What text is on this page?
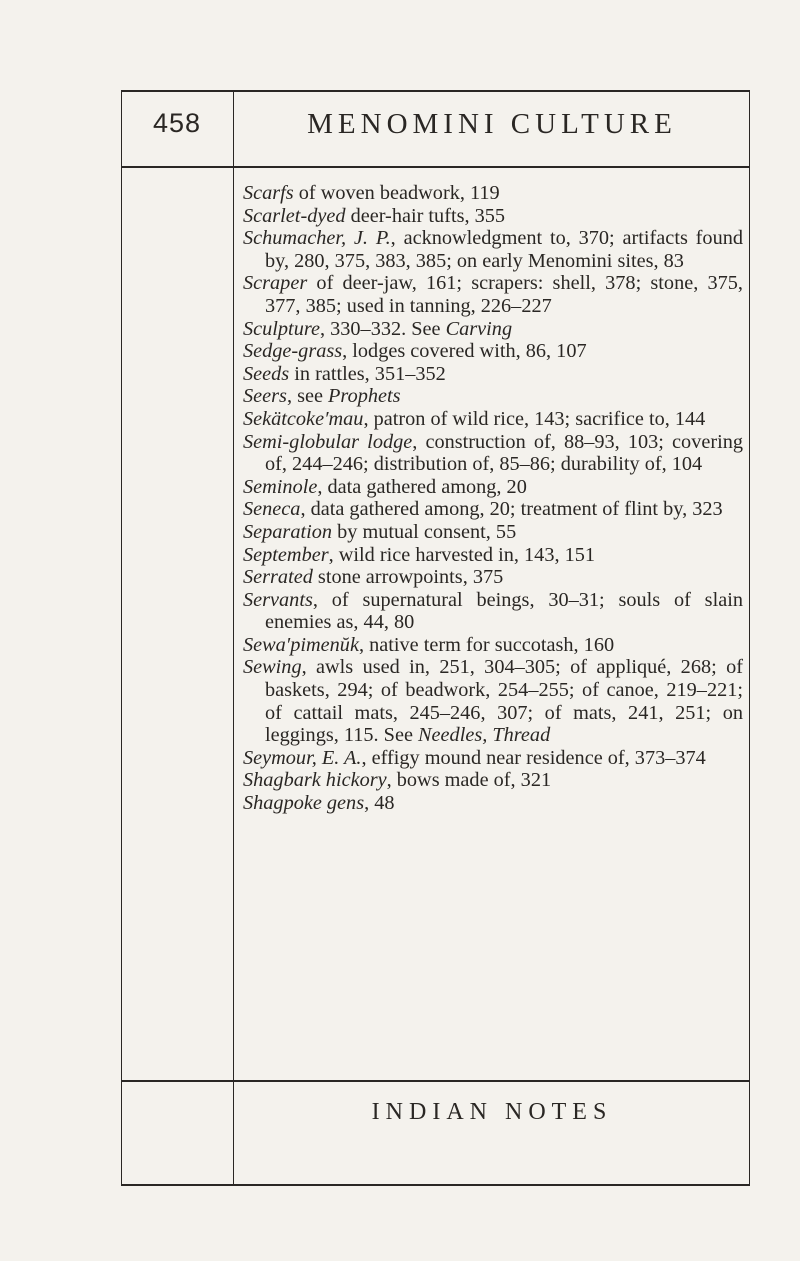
458	MENOMINI CULTURE

Scarfs of woven beadwork, 119

Scarlet-dyed deer-hair tufts, 355

Schumacher, J. P., acknowledgment to, 370; artifacts found by, 280, 375, 383, 385; on early Menomini sites, 83

Scraper of deer-jaw, 161; scrapers: shell, 378; stone, 375, 377, 385; used in tanning, 226–227

Sculpture, 330–332. See Carving

Sedge-grass, lodges covered with, 86, 107

Seeds in rattles, 351–352

Seers, see Prophets

Sekätcoke′mau, patron of wild rice, 143; sacrifice to, 144

Semi-globular lodge, construction of, 88–93, 103; covering of, 244–246; distribution of, 85–86; durability of, 104

Seminole, data gathered among, 20

Seneca, data gathered among, 20; treatment of flint by, 323

Separation by mutual consent, 55

September, wild rice harvested in, 143, 151

Serrated stone arrowpoints, 375

Servants, of supernatural beings, 30–31; souls of slain enemies as, 44, 80

Sewa′pimenŭk, native term for succotash, 160

Sewing, awls used in, 251, 304–305; of appliqué, 268; of baskets, 294; of beadwork, 254–255; of canoe, 219–221; of cattail mats, 245–246, 307; of mats, 241, 251; on leggings, 115. See Needles, Thread

Seymour, E. A., effigy mound near residence of, 373–374

Shagbark hickory, bows made of, 321

Shagpoke gens, 48

INDIAN NOTES
